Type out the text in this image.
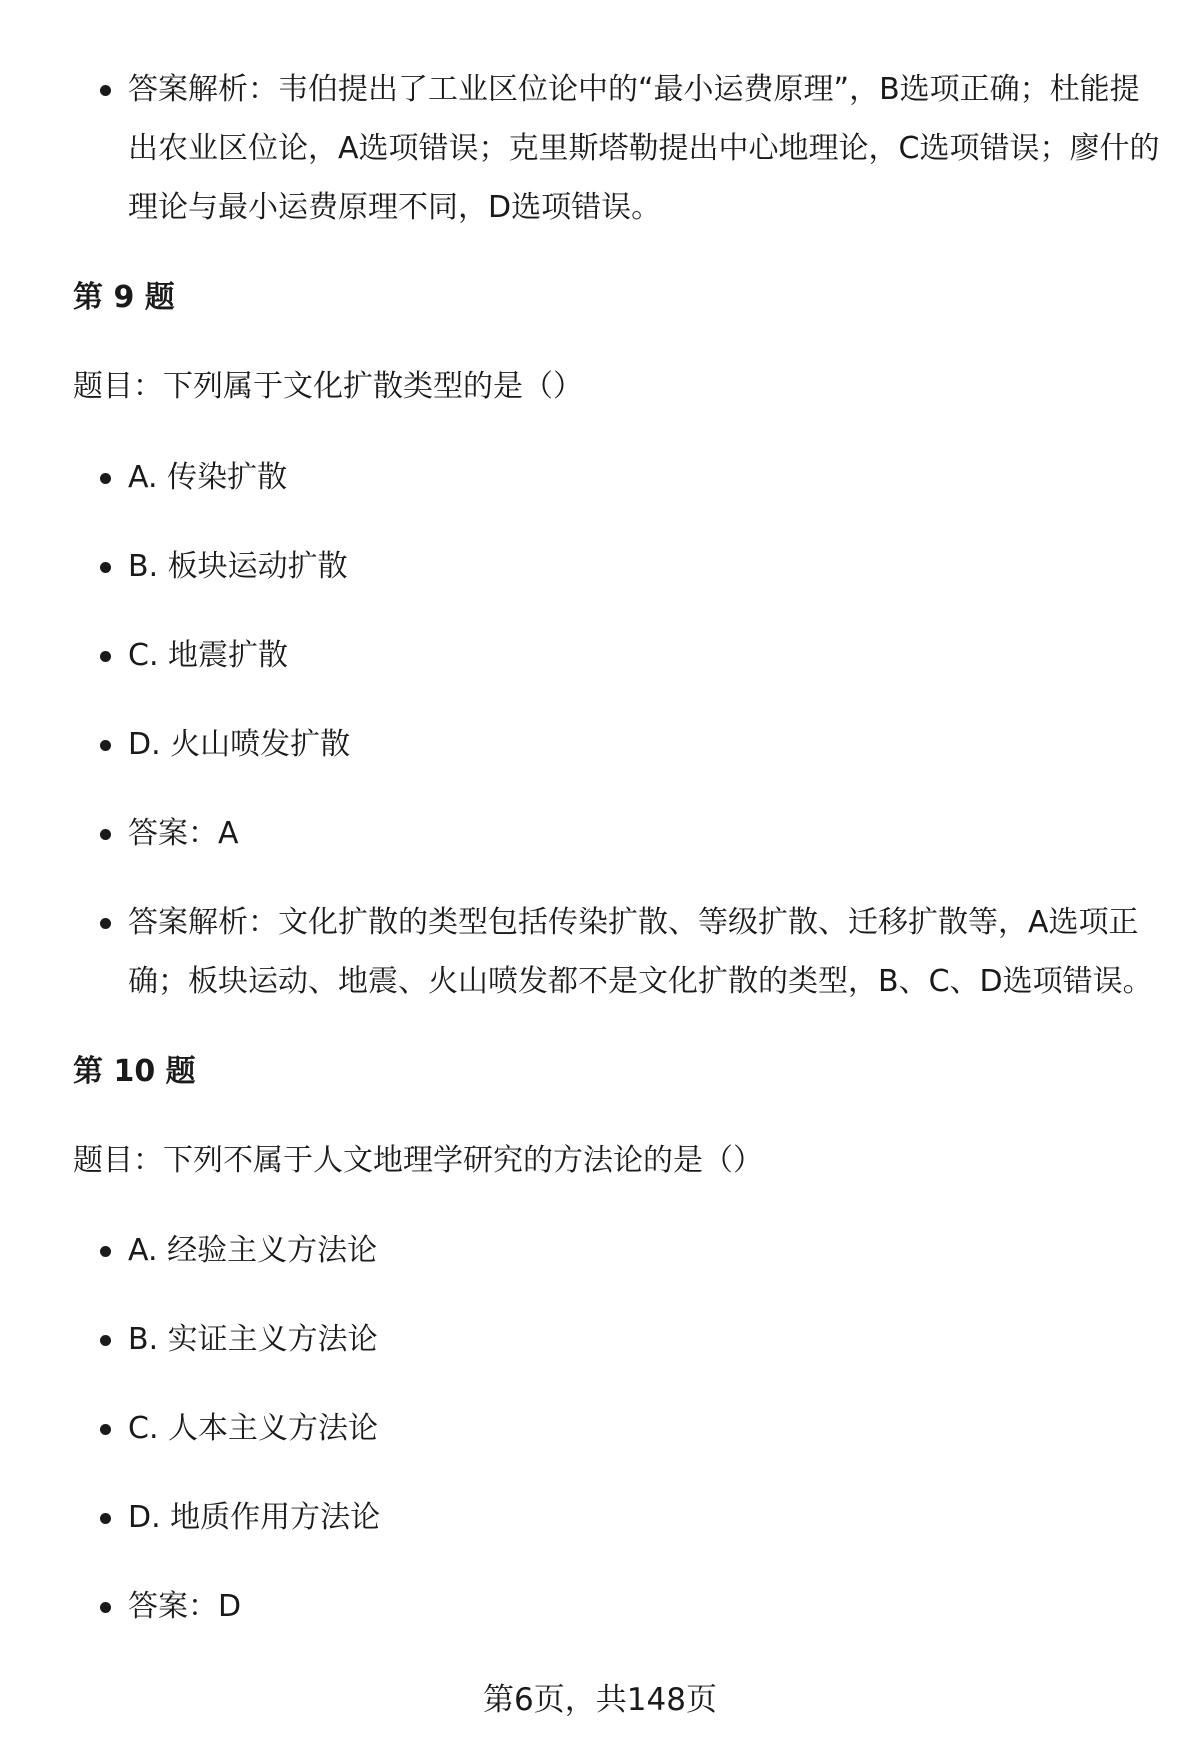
答案解析：韦伯提出了工业区位论中的“最小运费原理”，B选项正确；杜能提出农业区位论，A选项错误；克里斯塔勒提出中心地理论，C选项错误；廖什的理论与最小运费原理不同，D选项错误。
第 9 题
题目：下列属于文化扩散类型的是（）
A. 传染扩散
B. 板块运动扩散
C. 地震扩散
D. 火山喷发扩散
答案：A
答案解析：文化扩散的类型包括传染扩散、等级扩散、迁移扩散等，A选项正确；板块运动、地震、火山喷发都不是文化扩散的类型，B、C、D选项错误。
第 10 题
题目：下列不属于人文地理学研究的方法论的是（）
A. 经验主义方法论
B. 实证主义方法论
C. 人本主义方法论
D. 地质作用方法论
答案：D
第6页，共148页
